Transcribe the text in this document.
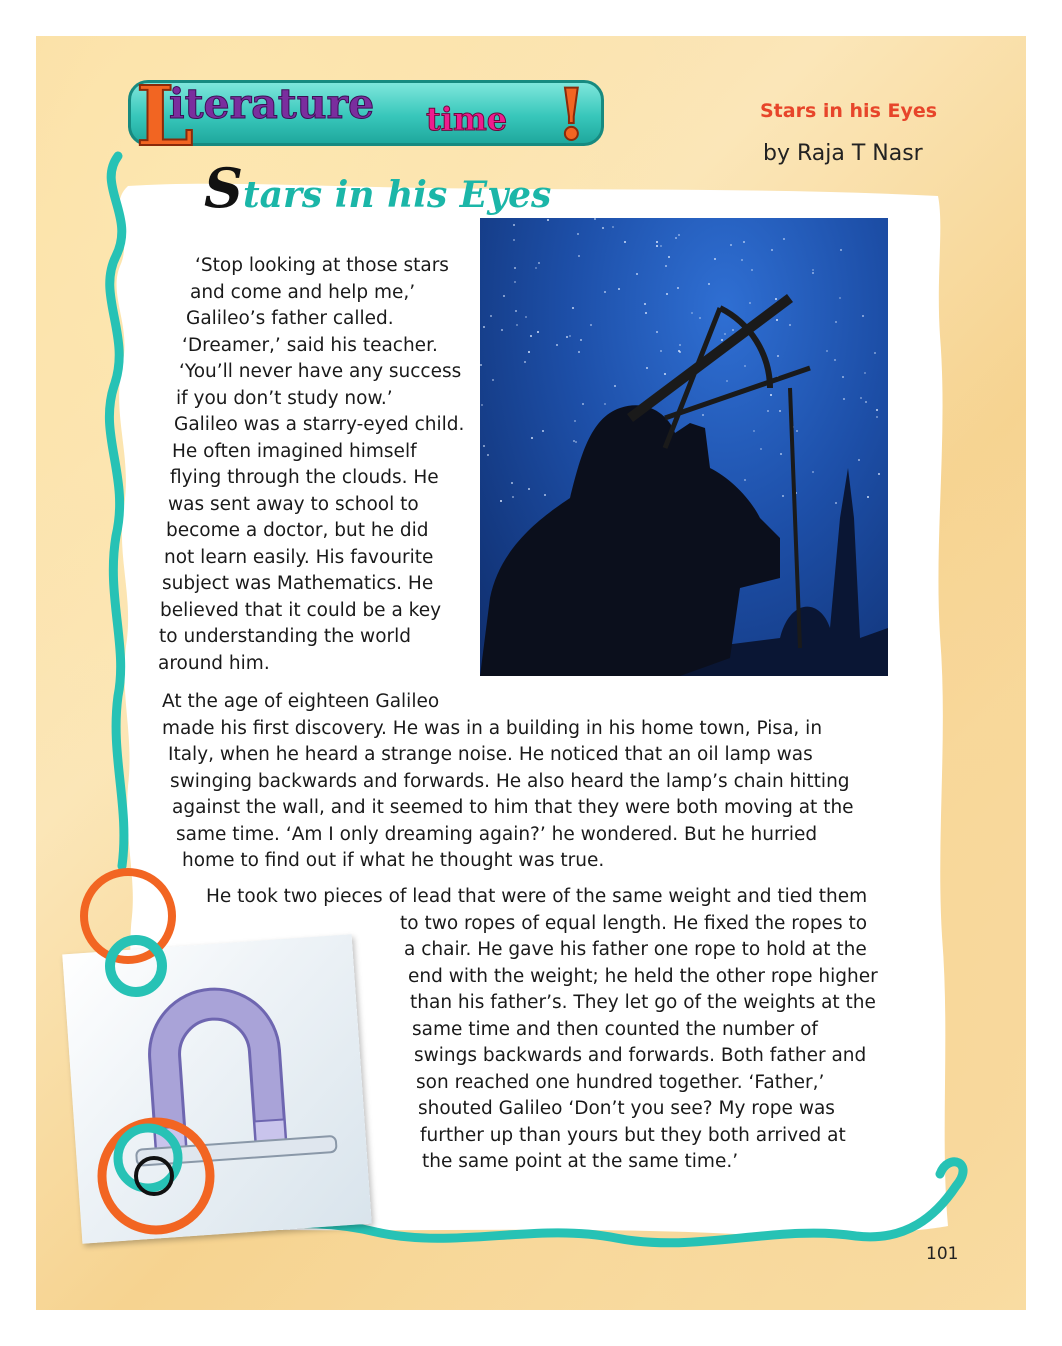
L
iterature time !
Stars in his Eyes
Stars in his Eyes
by Raja T Nasr
‘Stop looking at those stars
and come and help me,’
Galileo’s father called.
‘Dreamer,’ said his teacher.
‘You’ll never have any success
if you don’t study now.’
Galileo was a starry-eyed child.
He often imagined himself
flying through the clouds. He
was sent away to school to
become a doctor, but he did
not learn easily. His favourite
subject was Mathematics. He
believed that it could be a key
to understanding the world
around him.
At the age of eighteen Galileo
made his first discovery. He was in a building in his home town, Pisa, in
Italy, when he heard a strange noise. He noticed that an oil lamp was
swinging backwards and forwards. He also heard the lamp’s chain hitting
against the wall, and it seemed to him that they were both moving at the
same time. ‘Am I only dreaming again?’ he wondered. But he hurried
home to find out if what he thought was true.
He took two pieces of lead that were of the same weight and tied them
to two ropes of equal length. He fixed the ropes to
a chair. He gave his father one rope to hold at the
end with the weight; he held the other rope higher
than his father’s. They let go of the weights at the
same time and then counted the number of
swings backwards and forwards. Both father and
son reached one hundred together. ‘Father,’
shouted Galileo ‘Don’t you see? My rope was
further up than yours but they both arrived at
the same point at the same time.’
101
